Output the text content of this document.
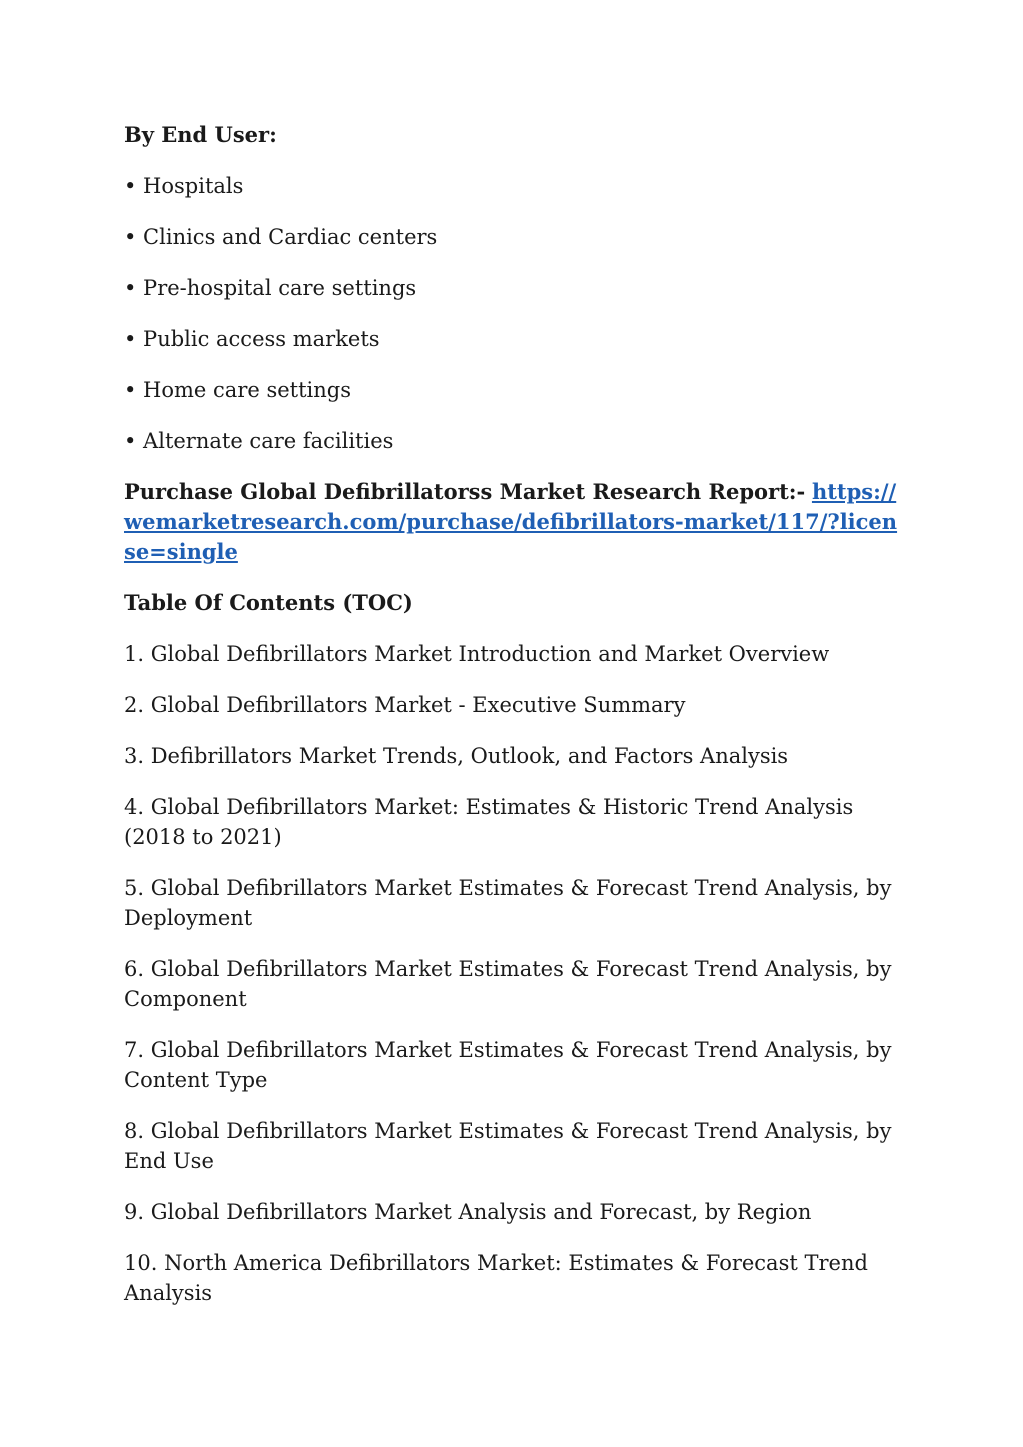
By End User:

• Hospitals

• Clinics and Cardiac centers

• Pre-hospital care settings

• Public access markets

• Home care settings

• Alternate care facilities

Purchase Global Defibrillatorss Market Research Report:- https://wemarketresearch.com/purchase/defibrillators-market/117/?license=single

Table Of Contents (TOC)

1. Global Defibrillators Market Introduction and Market Overview

2. Global Defibrillators Market - Executive Summary

3. Defibrillators Market Trends, Outlook, and Factors Analysis

4. Global Defibrillators Market: Estimates & Historic Trend Analysis (2018 to 2021)

5. Global Defibrillators Market Estimates & Forecast Trend Analysis, by Deployment

6. Global Defibrillators Market Estimates & Forecast Trend Analysis, by Component

7. Global Defibrillators Market Estimates & Forecast Trend Analysis, by Content Type

8. Global Defibrillators Market Estimates & Forecast Trend Analysis, by End Use

9. Global Defibrillators Market Analysis and Forecast, by Region

10. North America Defibrillators Market: Estimates & Forecast Trend Analysis
